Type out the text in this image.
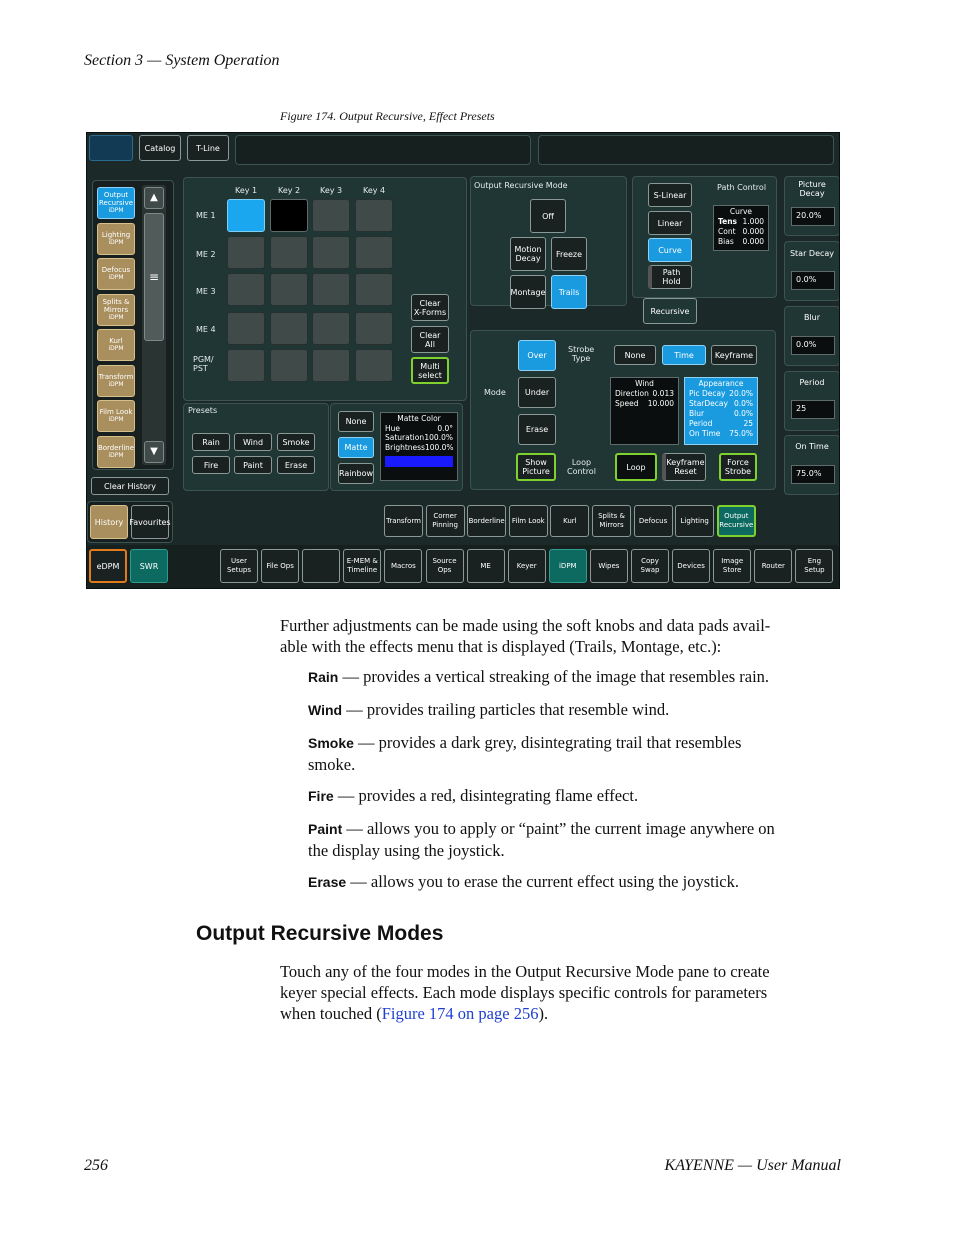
Section 3 — System Operation
Figure 174. Output Recursive, Effect Presets
Catalog	T-Line
Output
Recursive
iDPM
Lighting
iDPM
Defocus
iDPM
Splits &
Mirrors
iDPM
Kurl
iDPM
Transform
iDPM
Film Look
iDPM
Borderline
iDPM
▲
≡
▼
Clear History
History Favourites
Key 1	Key 2 Key 3	Key 4
ME 1
ME 2
ME 3
ME 4
PGM/
PST
Clear
X-Forms
Clear
All
Multi
select
Output Recursive Mode
Off
Motion
Decay	Freeze
Montage	Trails
S-Linear
Linear
Curve
Path
Hold
Path Control
Curve
Tens 1.000
Cont 0.000
Bias 0.000
Recursive
Picture
Decay
20.0%
Star Decay
0.0%
Blur
0.0%
Period
25
On Time
75.0%
Presets
Rain	Wind	Smoke
Fire	Paint	Erase
None
Matte
Rainbow
Matte Color
Hue	0.0°
Saturation 100.0%
Brightness 100.0%
Mode
Over
Under
Erase
Strobe
Type	None	Time	Keyframe
Wind
Direction 0.013
Speed 10.000
Appearance
Pic Decay 20.0%
StarDecay 0.0%
Blur	0.0%
Period	25
On Time 75.0%
Show
Picture
Loop
Control	Loop	Keyframe
Reset
Force
Strobe
Transform
Corner
Pinning
Borderline	Film Look	Kurl
Splits &
Mirrors
Defocus	Lighting
Output
Recursive
eDPM	SWR
User
Setups
File Ops
E-MEM &
Timeline
Macros
Source
Ops
ME	Keyer	iDPM	Wipes
Copy
Swap
Devices
Image
Store
Router
Eng
Setup
Further adjustments can be made using the soft knobs and data pads avail-
able with the effects menu that is displayed (Trails, Montage, etc.):
Rain — provides a vertical streaking of the image that resembles rain.
Wind — provides trailing particles that resemble wind.
Smoke — provides a dark grey, disintegrating trail that resembles
smoke.
Fire — provides a red, disintegrating flame effect.
Paint — allows you to apply or “paint” the current image anywhere on
the display using the joystick.
Erase — allows you to erase the current effect using the joystick.
Output Recursive Modes
Touch any of the four modes in the Output Recursive Mode pane to create
keyer special effects. Each mode displays specific controls for parameters
when touched (Figure 174 on page 256).
256	KAYENNE — User Manual
